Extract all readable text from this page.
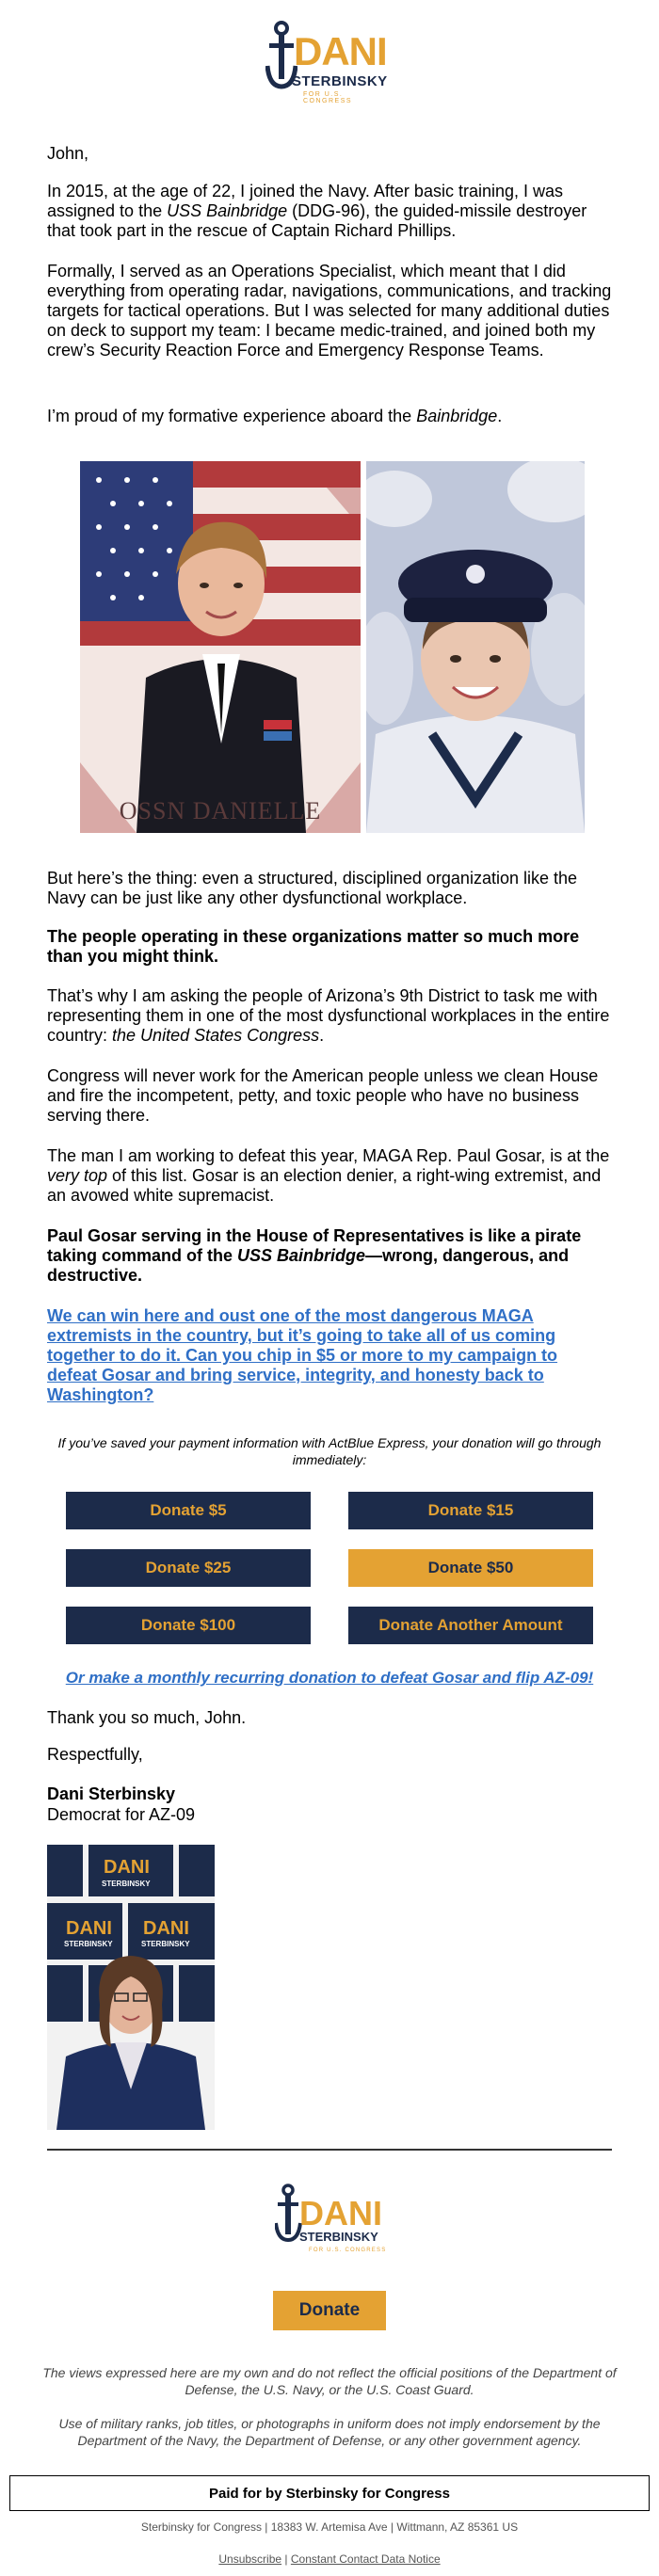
DANI
STERBINSKY
FOR U.S. CONGRESS

John,

In 2015, at the age of 22, I joined the Navy. After basic training, I was assigned to the USS Bainbridge (DDG-96), the guided-missile destroyer that took part in the rescue of Captain Richard Phillips.

Formally, I served as an Operations Specialist, which meant that I did everything from operating radar, navigations, communications, and tracking targets for tactical operations. But I was selected for many additional duties on deck to support my team: I became medic-trained, and joined both my crew’s Security Reaction Force and Emergency Response Teams.

I’m proud of my formative experience aboard the Bainbridge.

OSSN DANIELLE

But here’s the thing: even a structured, disciplined organization like the Navy can be just like any other dysfunctional workplace.

The people operating in these organizations matter so much more than you might think.

That’s why I am asking the people of Arizona’s 9th District to task me with representing them in one of the most dysfunctional workplaces in the entire country: the United States Congress.

Congress will never work for the American people unless we clean House and fire the incompetent, petty, and toxic people who have no business serving there.

The man I am working to defeat this year, MAGA Rep. Paul Gosar, is at the very top of this list. Gosar is an election denier, a right-wing extremist, and an avowed white supremacist.

Paul Gosar serving in the House of Representatives is like a pirate taking command of the USS Bainbridge—wrong, dangerous, and destructive.

We can win here and oust one of the most dangerous MAGA extremists in the country, but it’s going to take all of us coming together to do it. Can you chip in $5 or more to my campaign to defeat Gosar and bring service, integrity, and honesty back to Washington?

If you’ve saved your payment information with ActBlue Express, your donation will go through immediately:

Donate $5	Donate $15
Donate $25	Donate $50
Donate $100	Donate Another Amount

Or make a monthly recurring donation to defeat Gosar and flip AZ-09!

Thank you so much, John.

Respectfully,

Dani Sterbinsky

Democrat for AZ-09

DANI
DANI DANI
STERBINSKY
STERBINSKY	STERBINSKY
DANI
STERBINSKY
FOR U.S. CONGRESS
Donate

The views expressed here are my own and do not reflect the official positions of the Department of Defense, the U.S. Navy, or the U.S. Coast Guard.

Use of military ranks, job titles, or photographs in uniform does not imply endorsement by the Department of the Navy, the Department of Defense, or any other government agency.

Paid for by Sterbinsky for Congress

Sterbinsky for Congress | 18383 W. Artemisa Ave | Wittmann, AZ 85361 US

Unsubscribe | Constant Contact Data Notice
